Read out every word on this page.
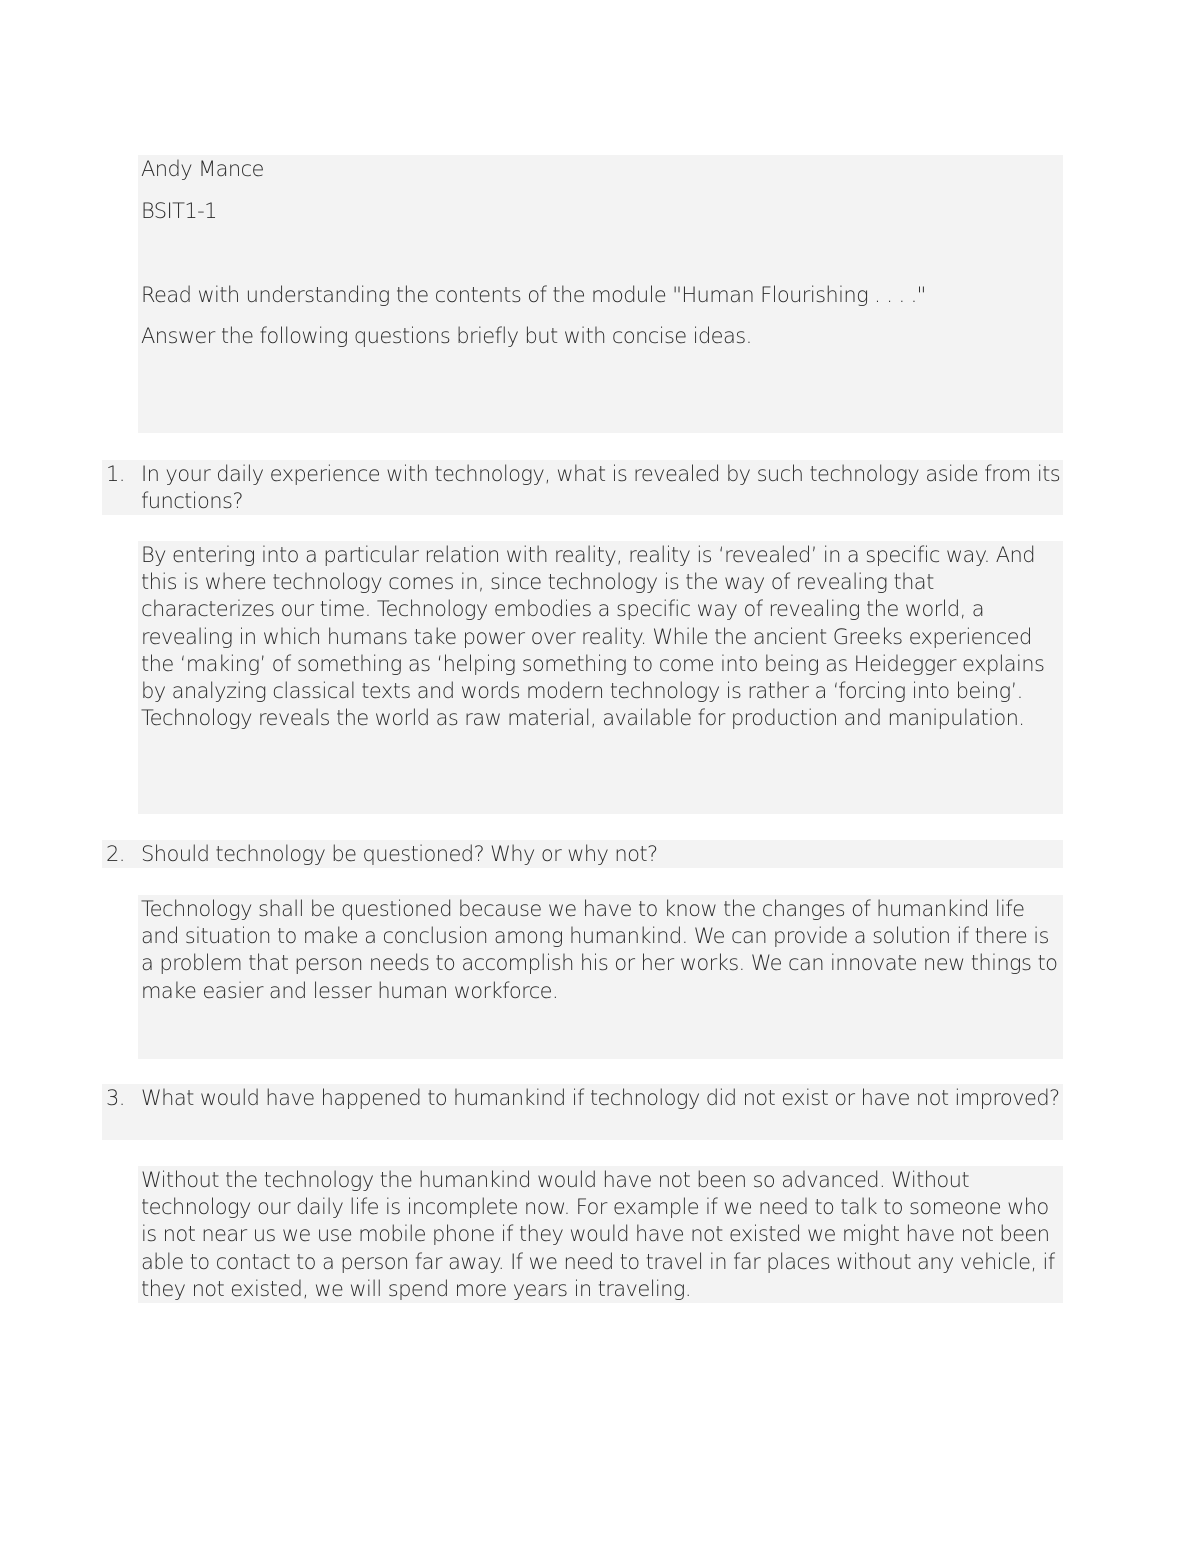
Andy Mance
BSIT1-1
Read with understanding the contents of the module "Human Flourishing . . . ."
Answer the following questions briefly but with concise ideas.
1. In your daily experience with technology, what is revealed by such technology aside from its functions?
By entering into a particular relation with reality, reality is ‘revealed’ in a specific way. And this is where technology comes in, since technology is the way of revealing that characterizes our time. Technology embodies a specific way of revealing the world, a revealing in which humans take power over reality. While the ancient Greeks experienced the ‘making’ of something as ‘helping something to come into being as Heidegger explains by analyzing classical texts and words modern technology is rather a ‘forcing into being’. Technology reveals the world as raw material, available for production and manipulation.
2. Should technology be questioned? Why or why not?
Technology shall be questioned because we have to know the changes of humankind life and situation to make a conclusion among humankind. We can provide a solution if there is a problem that person needs to accomplish his or her works. We can innovate new things to make easier and lesser human workforce.
3. What would have happened to humankind if technology did not exist or have not improved?
Without the technology the humankind would have not been so advanced. Without technology our daily life is incomplete now. For example if we need to talk to someone who is not near us we use mobile phone if they would have not existed we might have not been able to contact to a person far away. If we need to travel in far places without any vehicle, if they not existed, we will spend more years in traveling.
